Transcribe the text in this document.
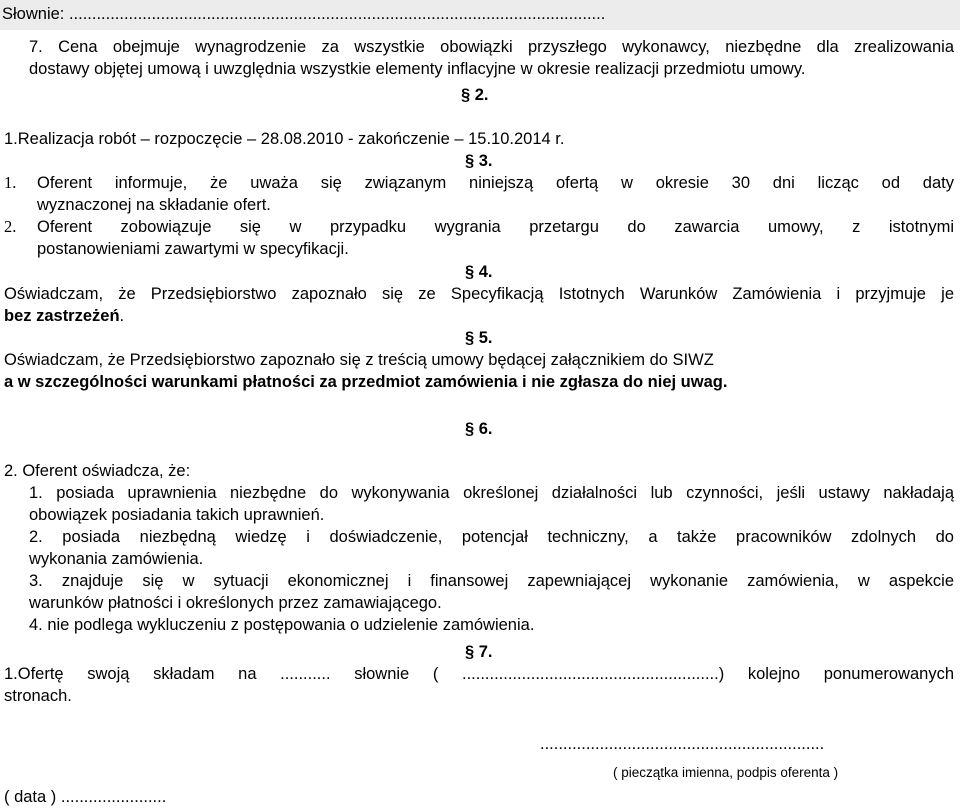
Słownie: .....................................................................................................................
7. Cena obejmuje wynagrodzenie za wszystkie obowiązki przyszłego wykonawcy, niezbędne dla zrealizowania
dostawy objętej umową i uwzględnia wszystkie elementy inflacyjne w okresie realizacji przedmiotu umowy.
§ 2.
1.Realizacja robót – rozpoczęcie – 28.08.2010 - zakończenie – 15.10.2014 r.
§ 3.
1. Oferent informuje, że uważa się związanym niniejszą ofertą w okresie 30 dni licząc od daty
wyznaczonej na składanie ofert.
2. Oferent zobowiązuje się w przypadku wygrania przetargu do zawarcia umowy, z istotnymi
postanowieniami zawartymi w specyfikacji.
§ 4.
Oświadczam, że Przedsiębiorstwo zapoznało się ze Specyfikacją Istotnych Warunków Zamówienia i przyjmuje je
bez zastrzeżeń.
§ 5.
Oświadczam, że Przedsiębiorstwo zapoznało się z treścią umowy będącej załącznikiem do SIWZ
a w szczególności warunkami płatności za przedmiot zamówienia i nie zgłasza do niej uwag.
§ 6.
2. Oferent oświadcza, że:
1. posiada uprawnienia niezbędne do wykonywania określonej działalności lub czynności, jeśli ustawy nakładają
obowiązek posiadania takich uprawnień.
2. posiada niezbędną wiedzę i doświadczenie, potencjał techniczny, a także pracowników zdolnych do
wykonania zamówienia.
3. znajduje się w sytuacji ekonomicznej i finansowej zapewniającej wykonanie zamówienia, w aspekcie
warunków płatności i określonych przez zamawiającego.
4. nie podlega wykluczeniu z postępowania o udzielenie zamówienia.
§ 7.
1.Ofertę swoją składam na ........... słownie ( ........................................................) kolejno ponumerowanych
stronach.
..............................................................
( pieczątka imienna, podpis oferenta )
( data ) .......................
